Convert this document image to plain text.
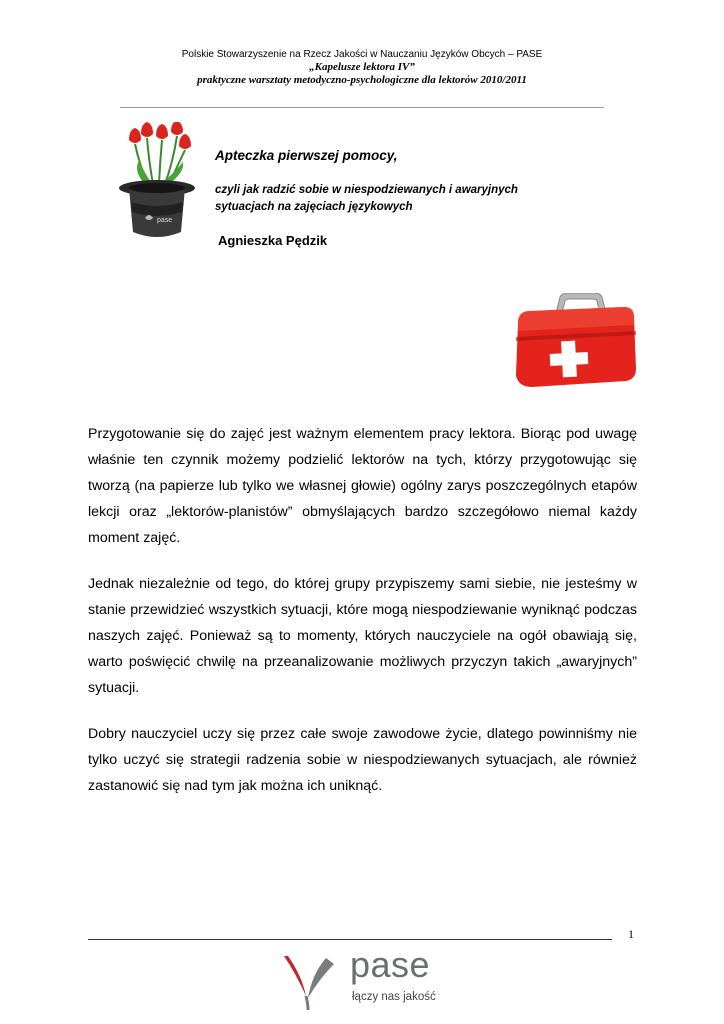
Polskie Stowarzyszenie na Rzecz Jakości w Nauczaniu Języków Obcych – PASE
„Kapelusze lektora IV”
praktyczne warsztaty metodyczno-psychologiczne dla lektorów 2010/2011
pase
Apteczka pierwszej pomocy,
czyli jak radzić sobie w niespodziewanych i awaryjnych sytuacjach na zajęciach językowych
Agnieszka Pędzik

Przygotowanie się do zajęć jest ważnym elementem pracy lektora. Biorąc pod uwagę właśnie ten czynnik możemy podzielić lektorów na tych, którzy przygotowując się tworzą (na papierze lub tylko we własnej głowie) ogólny zarys poszczególnych etapów lekcji oraz „lektorów-planistów” obmyślających bardzo szczegółowo niemal każdy moment zajęć.

Jednak niezależnie od tego, do której grupy przypiszemy sami siebie, nie jesteśmy w stanie przewidzieć wszystkich sytuacji, które mogą niespodziewanie wyniknąć podczas naszych zajęć. Ponieważ są to momenty, których nauczyciele na ogół obawiają się, warto poświęcić chwilę na przeanalizowanie możliwych przyczyn takich „awaryjnych” sytuacji.

Dobry nauczyciel uczy się przez całe swoje zawodowe życie, dlatego powinniśmy nie tylko uczyć się strategii radzenia sobie w niespodziewanych sytuacjach, ale również zastanowić się nad tym jak można ich uniknąć.

1
pase
łączy nas jakość
